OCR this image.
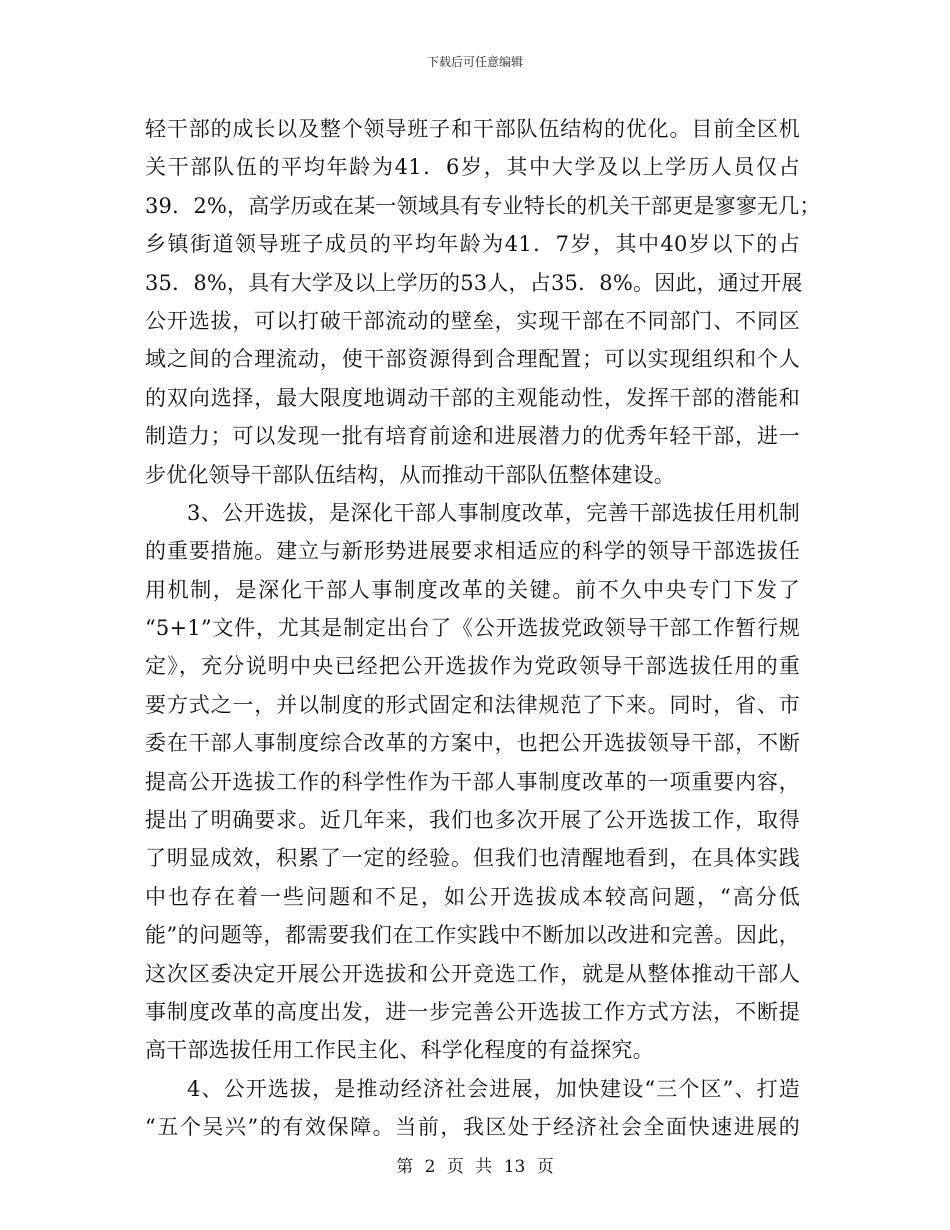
下载后可任意编辑
轻干部的成长以及整个领导班子和干部队伍结构的优化。目前全区机
关干部队伍的平均年龄为41．6岁，其中大学及以上学历人员仅占
39．2%，高学历或在某一领域具有专业特长的机关干部更是寥寥无几；
乡镇街道领导班子成员的平均年龄为41．7岁，其中40岁以下的占
35．8%，具有大学及以上学历的53人，占35．8%。因此，通过开展
公开选拔，可以打破干部流动的壁垒，实现干部在不同部门、不同区
域之间的合理流动，使干部资源得到合理配置；可以实现组织和个人
的双向选择，最大限度地调动干部的主观能动性，发挥干部的潜能和
制造力；可以发现一批有培育前途和进展潜力的优秀年轻干部，进一
步优化领导干部队伍结构，从而推动干部队伍整体建设。
3、公开选拔，是深化干部人事制度改革，完善干部选拔任用机制
的重要措施。建立与新形势进展要求相适应的科学的领导干部选拔任
用机制，是深化干部人事制度改革的关键。前不久中央专门下发了
“5+1”文件，尤其是制定出台了《公开选拔党政领导干部工作暂行规
定》，充分说明中央已经把公开选拔作为党政领导干部选拔任用的重
要方式之一，并以制度的形式固定和法律规范了下来。同时，省、市
委在干部人事制度综合改革的方案中，也把公开选拔领导干部，不断
提高公开选拔工作的科学性作为干部人事制度改革的一项重要内容，
提出了明确要求。近几年来，我们也多次开展了公开选拔工作，取得
了明显成效，积累了一定的经验。但我们也清醒地看到，在具体实践
中也存在着一些问题和不足，如公开选拔成本较高问题，“高分低
能”的问题等，都需要我们在工作实践中不断加以改进和完善。因此，
这次区委决定开展公开选拔和公开竞选工作，就是从整体推动干部人
事制度改革的高度出发，进一步完善公开选拔工作方式方法，不断提
高干部选拔任用工作民主化、科学化程度的有益探究。
4、公开选拔，是推动经济社会进展，加快建设“三个区”、打造
“五个吴兴”的有效保障。当前，我区处于经济社会全面快速进展的
第 2 页 共 13 页
